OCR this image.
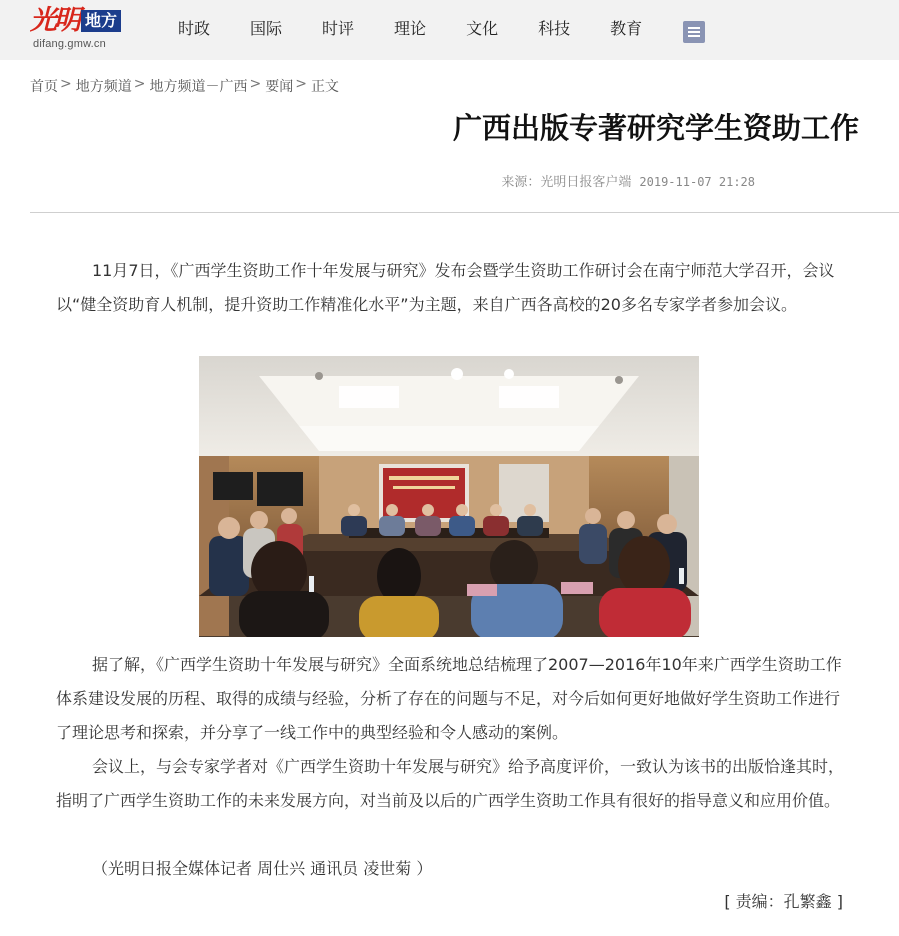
光明 地方
difang.gmw.cn
时政	国际	时评	理论	文化	科技	教育
首页 > 地方频道 > 地方频道－广西 > 要闻 > 正文
广西出版专著研究学生资助工作
来源：光明日报客户端 2019-11-07 21:28

11月7日，《广西学生资助工作十年发展与研究》发布会暨学生资助工作研讨会在南宁师范大学召开，会议以“健全资助育人机制，提升资助工作精准化水平”为主题，来自广西各高校的20多名专家学者参加会议。

据了解，《广西学生资助十年发展与研究》全面系统地总结梳理了2007—2016年10年来广西学生资助工作体系建设发展的历程、取得的成绩与经验，分析了存在的问题与不足，对今后如何更好地做好学生资助工作进行了理论思考和探索，并分享了一线工作中的典型经验和令人感动的案例。

会议上，与会专家学者对《广西学生资助十年发展与研究》给予高度评价，一致认为该书的出版恰逢其时，指明了广西学生资助工作的未来发展方向，对当前及以后的广西学生资助工作具有很好的指导意义和应用价值。

（光明日报全媒体记者 周仕兴 通讯员 凌世菊 ）
[ 责编：孔繁鑫 ]
